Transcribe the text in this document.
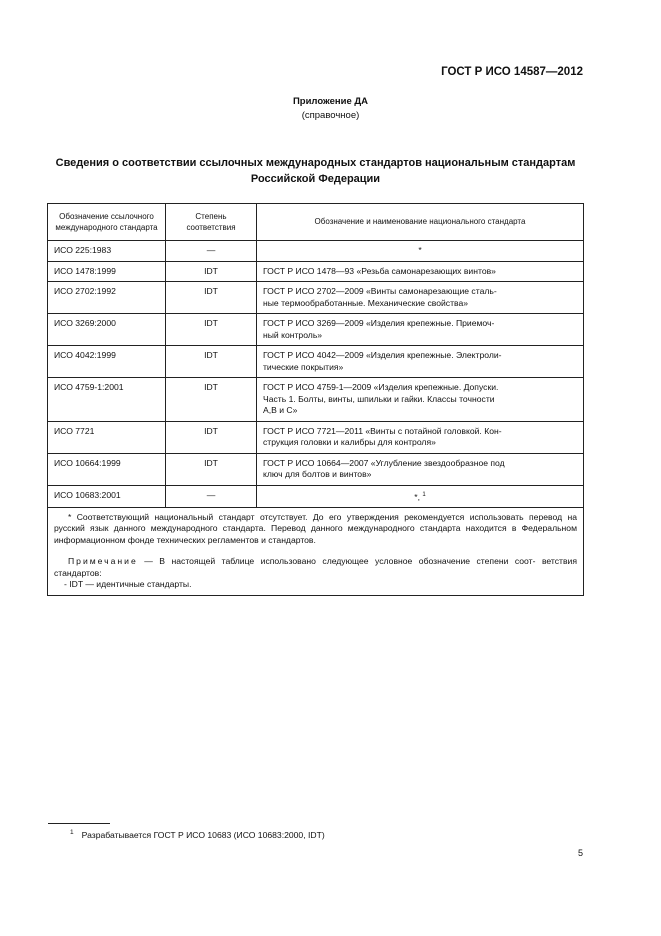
ГОСТ Р ИСО 14587—2012
Приложение ДА
(справочное)
Сведения о соответствии ссылочных международных стандартов национальным стандартам
Российской Федерации
Обозначение ссылочного
международного стандарта	Степень соответствия	Обозначение и наименование национального стандарта
ИСО 225:1983	—	*

ИСО 1478:1999	IDT	ГОСТ Р ИСО 1478—93 «Резьба самонарезающих винтов»

ИСО 2702:1992	IDT	ГОСТ Р ИСО 2702—2009 «Винты самонарезающие сталь-
ные термообработанные. Механические свойства»

ИСО 3269:2000	IDT	ГОСТ Р ИСО 3269—2009 «Изделия крепежные. Приемоч-
ный контроль»

ИСО 4042:1999	IDT	ГОСТ Р ИСО 4042—2009 «Изделия крепежные. Электроли-
тические покрытия»

ИСО 4759-1:2001	IDT	ГОСТ Р ИСО 4759-1—2009 «Изделия крепежные. Допуски.
Часть 1. Болты, винты, шпильки и гайки. Классы точности
А,В и С»

ИСО 7721	IDT	ГОСТ Р ИСО 7721—2011 «Винты с потайной головкой. Кон-
струкция головки и калибры для контроля»

ИСО 10664:1999	IDT	ГОСТ Р ИСО 10664—2007 «Углубление звездообразное под
ключ для болтов и винтов»

ИСО 10683:2001	—	*, $^1$

* Соответствующий национальный стандарт отсутствует. До его утверждения рекомендуется использовать перевод на русский язык данного международного стандарта. Перевод данного международного стандарта находится в Федеральном информационном фонде технических регламентов и стандартов.

Примечание — В настоящей таблице использовано следующее условное обозначение степени соот- ветствия стандартов:

- IDT — идентичные стандарты.		
$^1$ Разрабатывается ГОСТ Р ИСО 10683 (ИСО 10683:2000, IDT)
5
